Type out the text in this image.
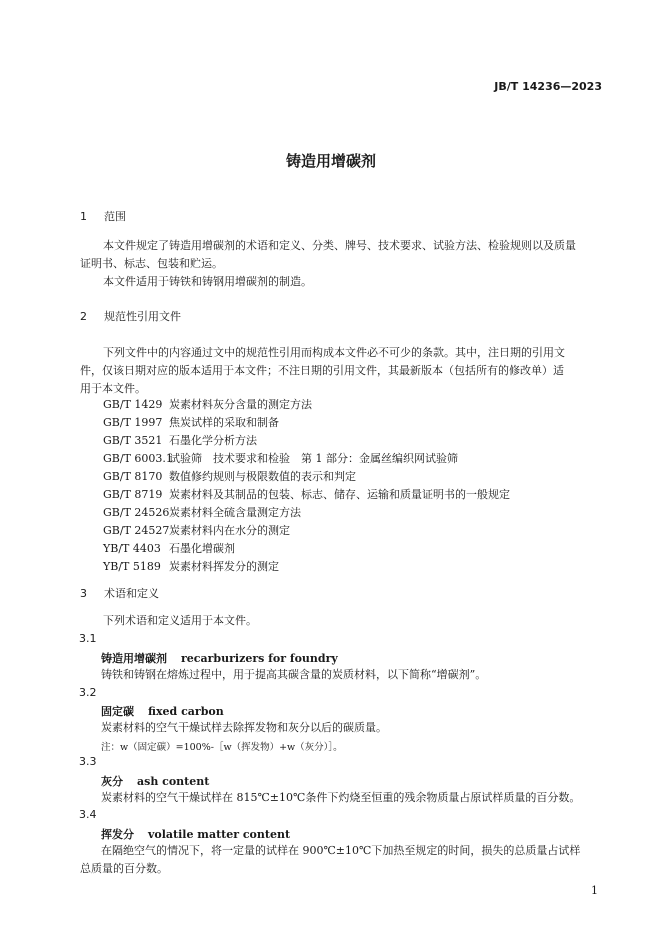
JB/T 14236—2023
铸造用增碳剂
1 范围
本文件规定了铸造用增碳剂的术语和定义、分类、牌号、技术要求、试验方法、检验规则以及质量
证明书、标志、包装和贮运。
本文件适用于铸铁和铸钢用增碳剂的制造。
2 规范性引用文件
下列文件中的内容通过文中的规范性引用而构成本文件必不可少的条款。其中，注日期的引用文
件，仅该日期对应的版本适用于本文件；不注日期的引用文件，其最新版本（包括所有的修改单）适
用于本文件。
GB/T 1429 炭素材料灰分含量的测定方法
GB/T 1997 焦炭试样的采取和制备
GB/T 3521 石墨化学分析方法
GB/T 6003.1试验筛　技术要求和检验　第 1 部分：金属丝编织网试验筛
GB/T 8170 数值修约规则与极限数值的表示和判定
GB/T 8719 炭素材料及其制品的包装、标志、储存、运输和质量证明书的一般规定
GB/T 24526炭素材料全硫含量测定方法
GB/T 24527炭素材料内在水分的测定
YB/T 4403 石墨化增碳剂
YB/T 5189 炭素材料挥发分的测定
3 术语和定义
下列术语和定义适用于本文件。
3.1
铸造用增碳剂 recarburizers for foundry
铸铁和铸钢在熔炼过程中，用于提高其碳含量的炭质材料，以下简称“增碳剂”。
3.2
固定碳 fixed carbon
炭素材料的空气干燥试样去除挥发物和灰分以后的碳质量。
注：w（固定碳）=100%-［w（挥发物）+w（灰分）］。
3.3
灰分 ash content
炭素材料的空气干燥试样在 815℃±10℃条件下灼烧至恒重的残余物质量占原试样质量的百分数。
3.4
挥发分 volatile matter content
在隔绝空气的情况下，将一定量的试样在 900℃±10℃下加热至规定的时间，损失的总质量占试样
总质量的百分数。
1
